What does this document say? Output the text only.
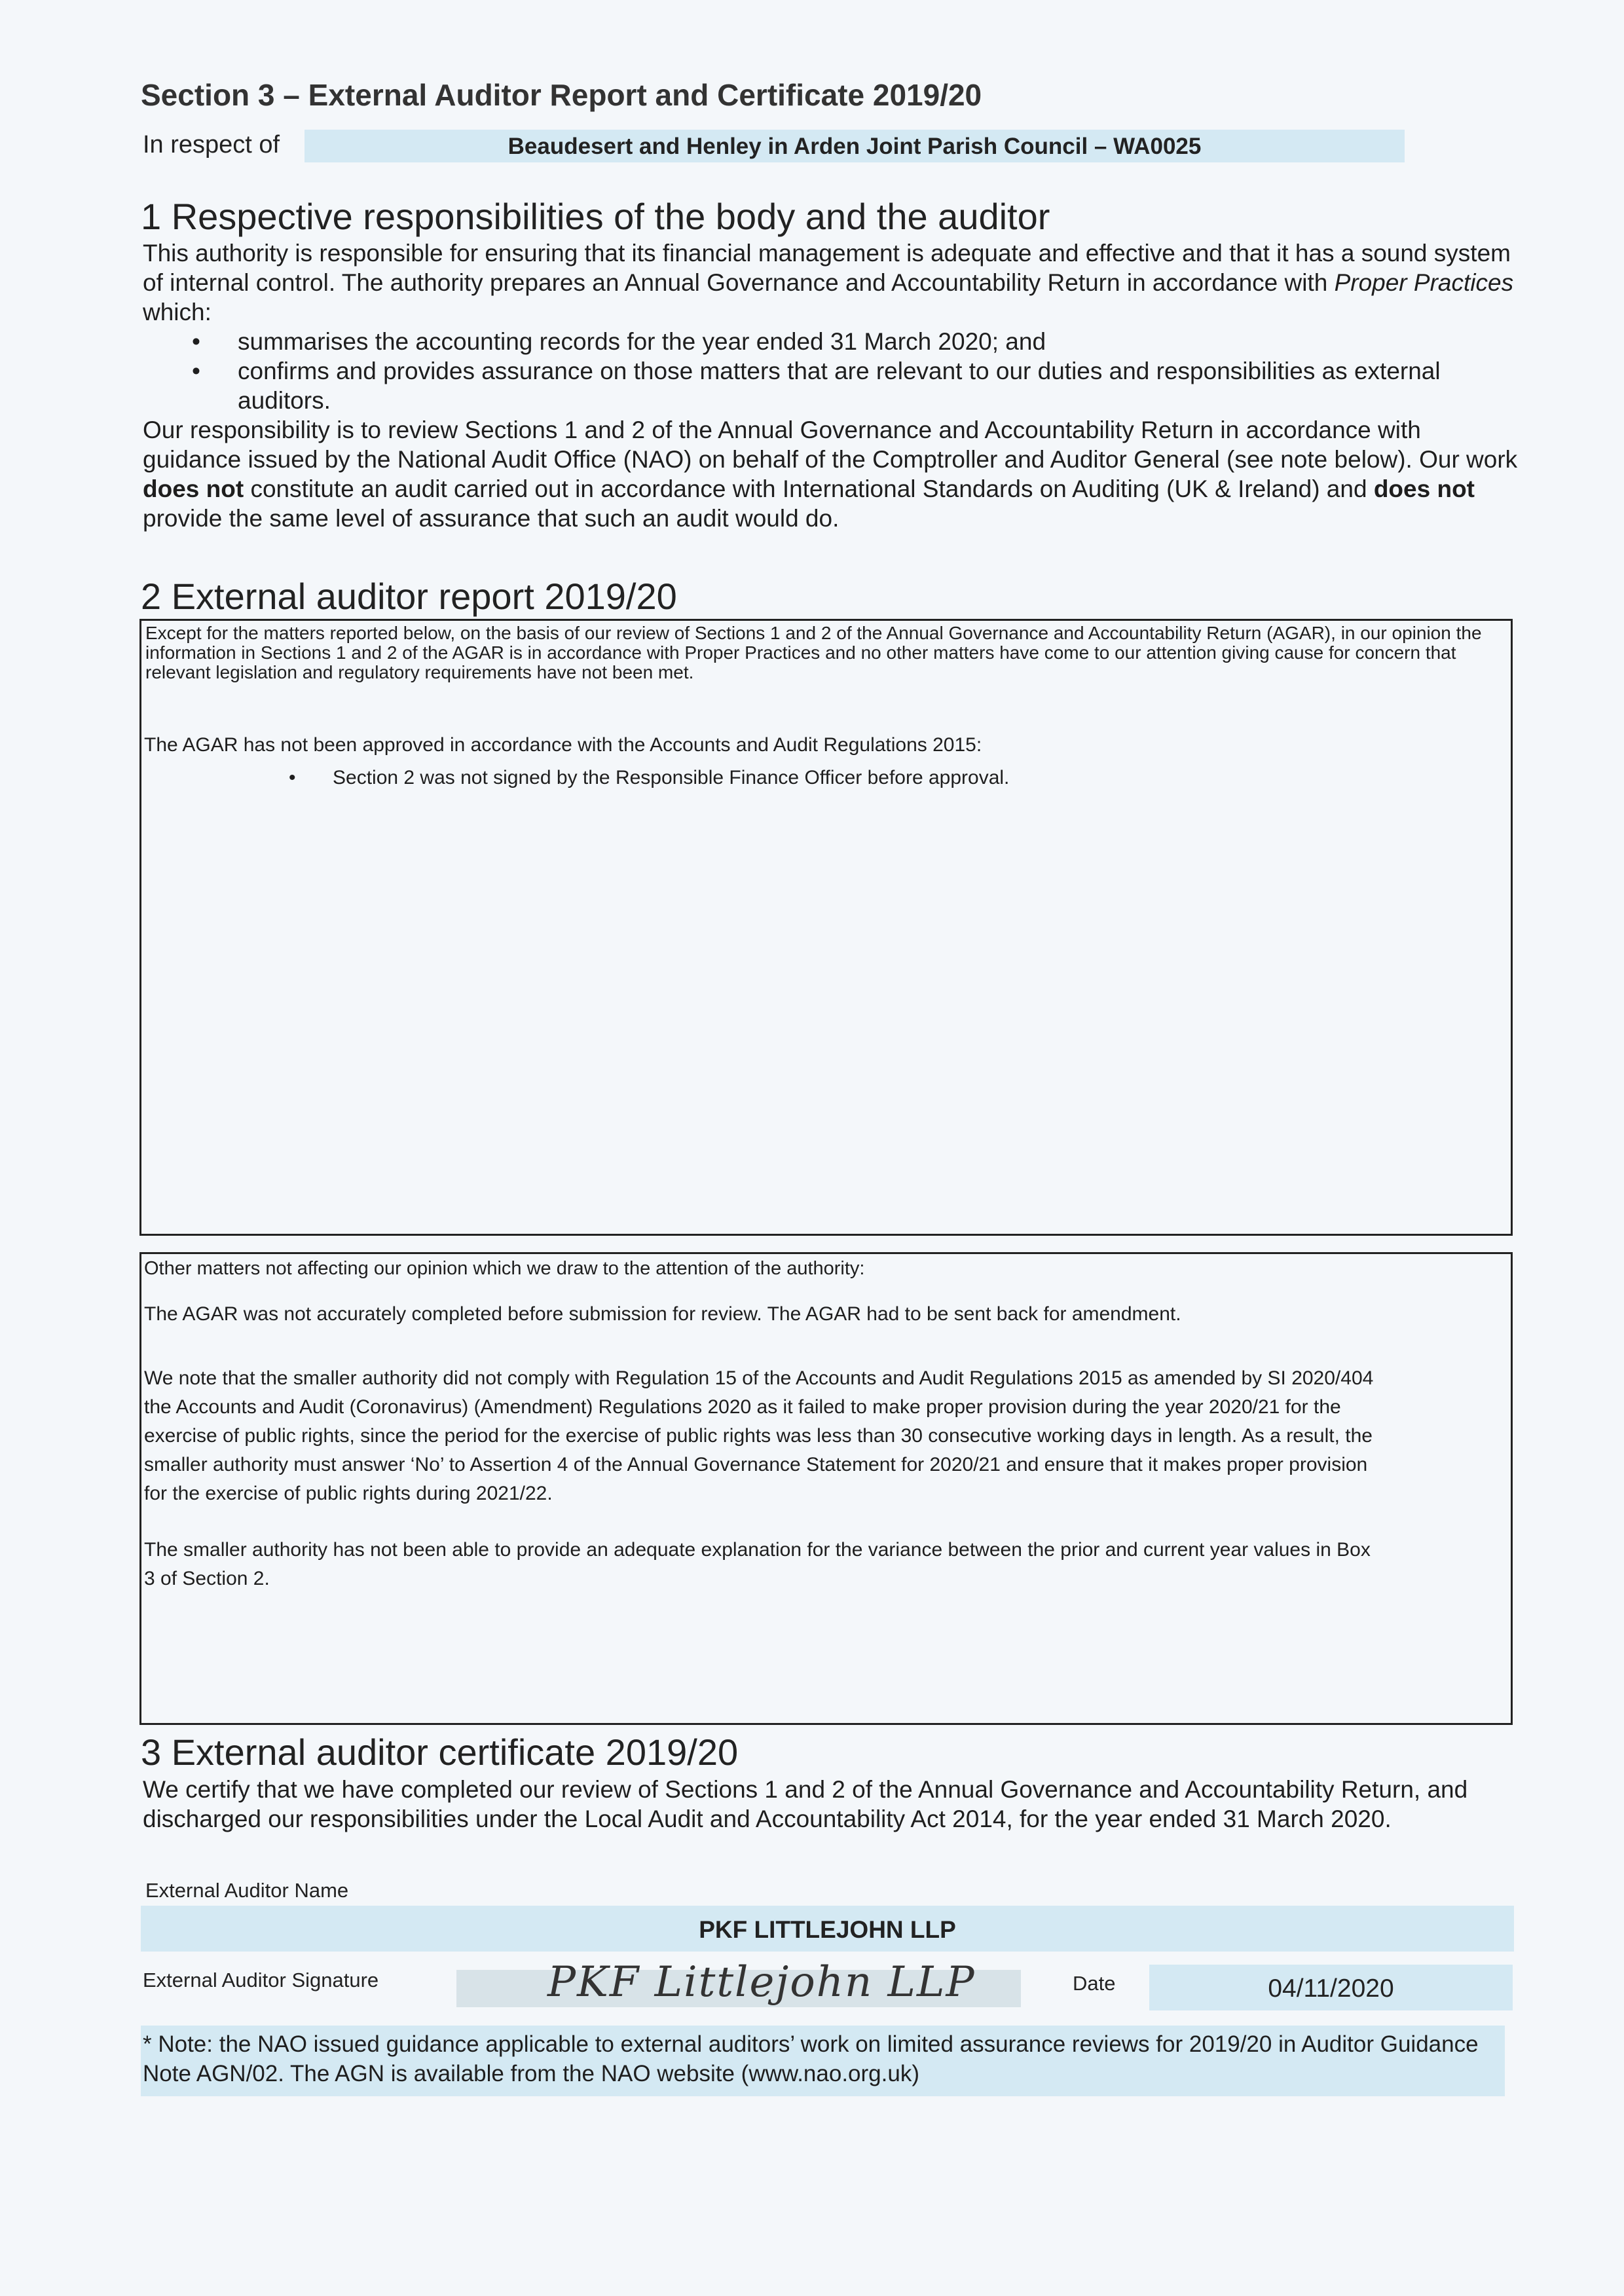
Section 3 – External Auditor Report and Certificate 2019/20
In respect of	Beaudesert and Henley in Arden Joint Parish Council – WA0025
1 Respective responsibilities of the body and the auditor
This authority is responsible for ensuring that its financial management is adequate and effective and that it has a sound system of internal control. The authority prepares an Annual Governance and Accountability Return in accordance with Proper Practices which:
• summarises the accounting records for the year ended 31 March 2020; and
• confirms and provides assurance on those matters that are relevant to our duties and responsibilities as external auditors.
Our responsibility is to review Sections 1 and 2 of the Annual Governance and Accountability Return in accordance with guidance issued by the National Audit Office (NAO) on behalf of the Comptroller and Auditor General (see note below). Our work does not constitute an audit carried out in accordance with International Standards on Auditing (UK & Ireland) and does not provide the same level of assurance that such an audit would do.
2 External auditor report 2019/20
Except for the matters reported below, on the basis of our review of Sections 1 and 2 of the Annual Governance and Accountability Return (AGAR), in our opinion the information in Sections 1 and 2 of the AGAR is in accordance with Proper Practices and no other matters have come to our attention giving cause for concern that relevant legislation and regulatory requirements have not been met.
The AGAR has not been approved in accordance with the Accounts and Audit Regulations 2015:
• Section 2 was not signed by the Responsible Finance Officer before approval.
Other matters not affecting our opinion which we draw to the attention of the authority:
The AGAR was not accurately completed before submission for review. The AGAR had to be sent back for amendment.
We note that the smaller authority did not comply with Regulation 15 of the Accounts and Audit Regulations 2015 as amended by SI 2020/404
the Accounts and Audit (Coronavirus) (Amendment) Regulations 2020 as it failed to make proper provision during the year 2020/21 for the
exercise of public rights, since the period for the exercise of public rights was less than 30 consecutive working days in length. As a result, the
smaller authority must answer ‘No’ to Assertion 4 of the Annual Governance Statement for 2020/21 and ensure that it makes proper provision
for the exercise of public rights during 2021/22.
The smaller authority has not been able to provide an adequate explanation for the variance between the prior and current year values in Box
3 of Section 2.
3 External auditor certificate 2019/20
We certify that we have completed our review of Sections 1 and 2 of the Annual Governance and Accountability Return, and discharged our responsibilities under the Local Audit and Accountability Act 2014, for the year ended 31 March 2020.
External Auditor Name
PKF LITTLEJOHN LLP
External Auditor Signature	PKF Littlejohn LLP	Date	04/11/2020
* Note: the NAO issued guidance applicable to external auditors’ work on limited assurance reviews for 2019/20 in Auditor Guidance Note AGN/02. The AGN is available from the NAO website (www.nao.org.uk)
